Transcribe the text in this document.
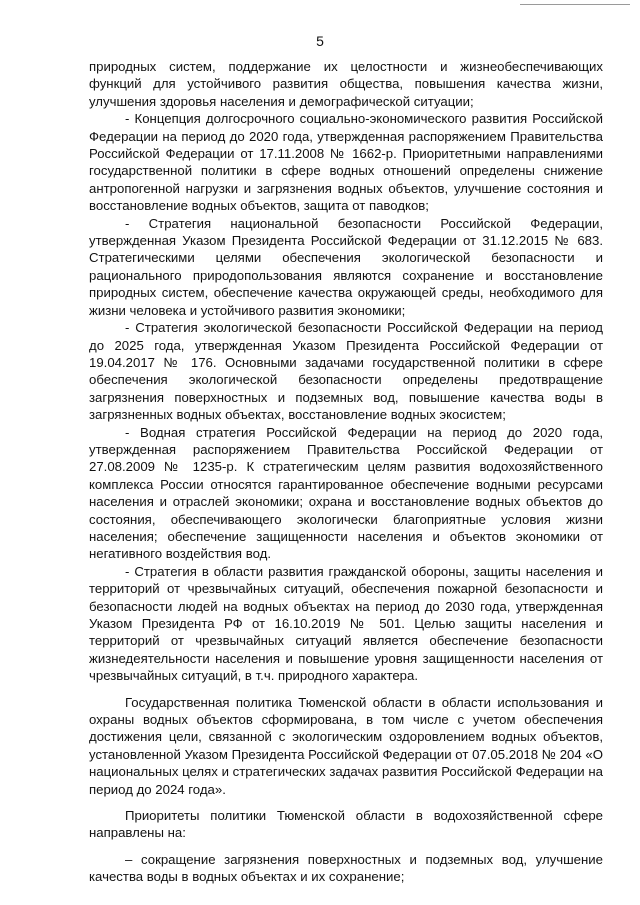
5

природных систем, поддержание их целостности и жизнеобеспечивающих функций для устойчивого развития общества, повышения качества жизни, улучшения здоровья населения и демографической ситуации;

- Концепция долгосрочного социально-экономического развития Российской Федерации на период до 2020 года, утвержденная распоряжением Правительства Российской Федерации от 17.11.2008 № 1662-р. Приоритетными направлениями государственной политики в сфере водных отношений определены снижение антропогенной нагрузки и загрязнения водных объектов, улучшение состояния и восстановление водных объектов, защита от паводков;

- Стратегия национальной безопасности Российской Федерации, утвержденная Указом Президента Российской Федерации от 31.12.2015 № 683. Стратегическими целями обеспечения экологической безопасности и рационального природопользования являются сохранение и восстановление природных систем, обеспечение качества окружающей среды, необходимого для жизни человека и устойчивого развития экономики;

- Стратегия экологической безопасности Российской Федерации на период до 2025 года, утвержденная Указом Президента Российской Федерации от 19.04.2017 № 176. Основными задачами государственной политики в сфере обеспечения экологической безопасности определены предотвращение загрязнения поверхностных и подземных вод, повышение качества воды в загрязненных водных объектах, восстановление водных экосистем;

- Водная стратегия Российской Федерации на период до 2020 года, утвержденная распоряжением Правительства Российской Федерации от 27.08.2009 № 1235-р. К стратегическим целям развития водохозяйственного комплекса России относятся гарантированное обеспечение водными ресурсами населения и отраслей экономики; охрана и восстановление водных объектов до состояния, обеспечивающего экологически благоприятные условия жизни населения; обеспечение защищенности населения и объектов экономики от негативного воздействия вод.

- Стратегия в области развития гражданской обороны, защиты населения и территорий от чрезвычайных ситуаций, обеспечения пожарной безопасности и безопасности людей на водных объектах на период до 2030 года, утвержденная Указом Президента РФ от 16.10.2019 № 501. Целью защиты населения и территорий от чрезвычайных ситуаций является обеспечение безопасности жизнедеятельности населения и повышение уровня защищенности населения от чрезвычайных ситуаций, в т.ч. природного характера.

Государственная политика Тюменской области в области использования и охраны водных объектов сформирована, в том числе с учетом обеспечения достижения цели, связанной с экологическим оздоровлением водных объектов, установленной Указом Президента Российской Федерации от 07.05.2018 № 204 «О национальных целях и стратегических задачах развития Российской Федерации на период до 2024 года».

Приоритеты политики Тюменской области в водохозяйственной сфере направлены на:

– сокращение загрязнения поверхностных и подземных вод, улучшение качества воды в водных объектах и их сохранение;
